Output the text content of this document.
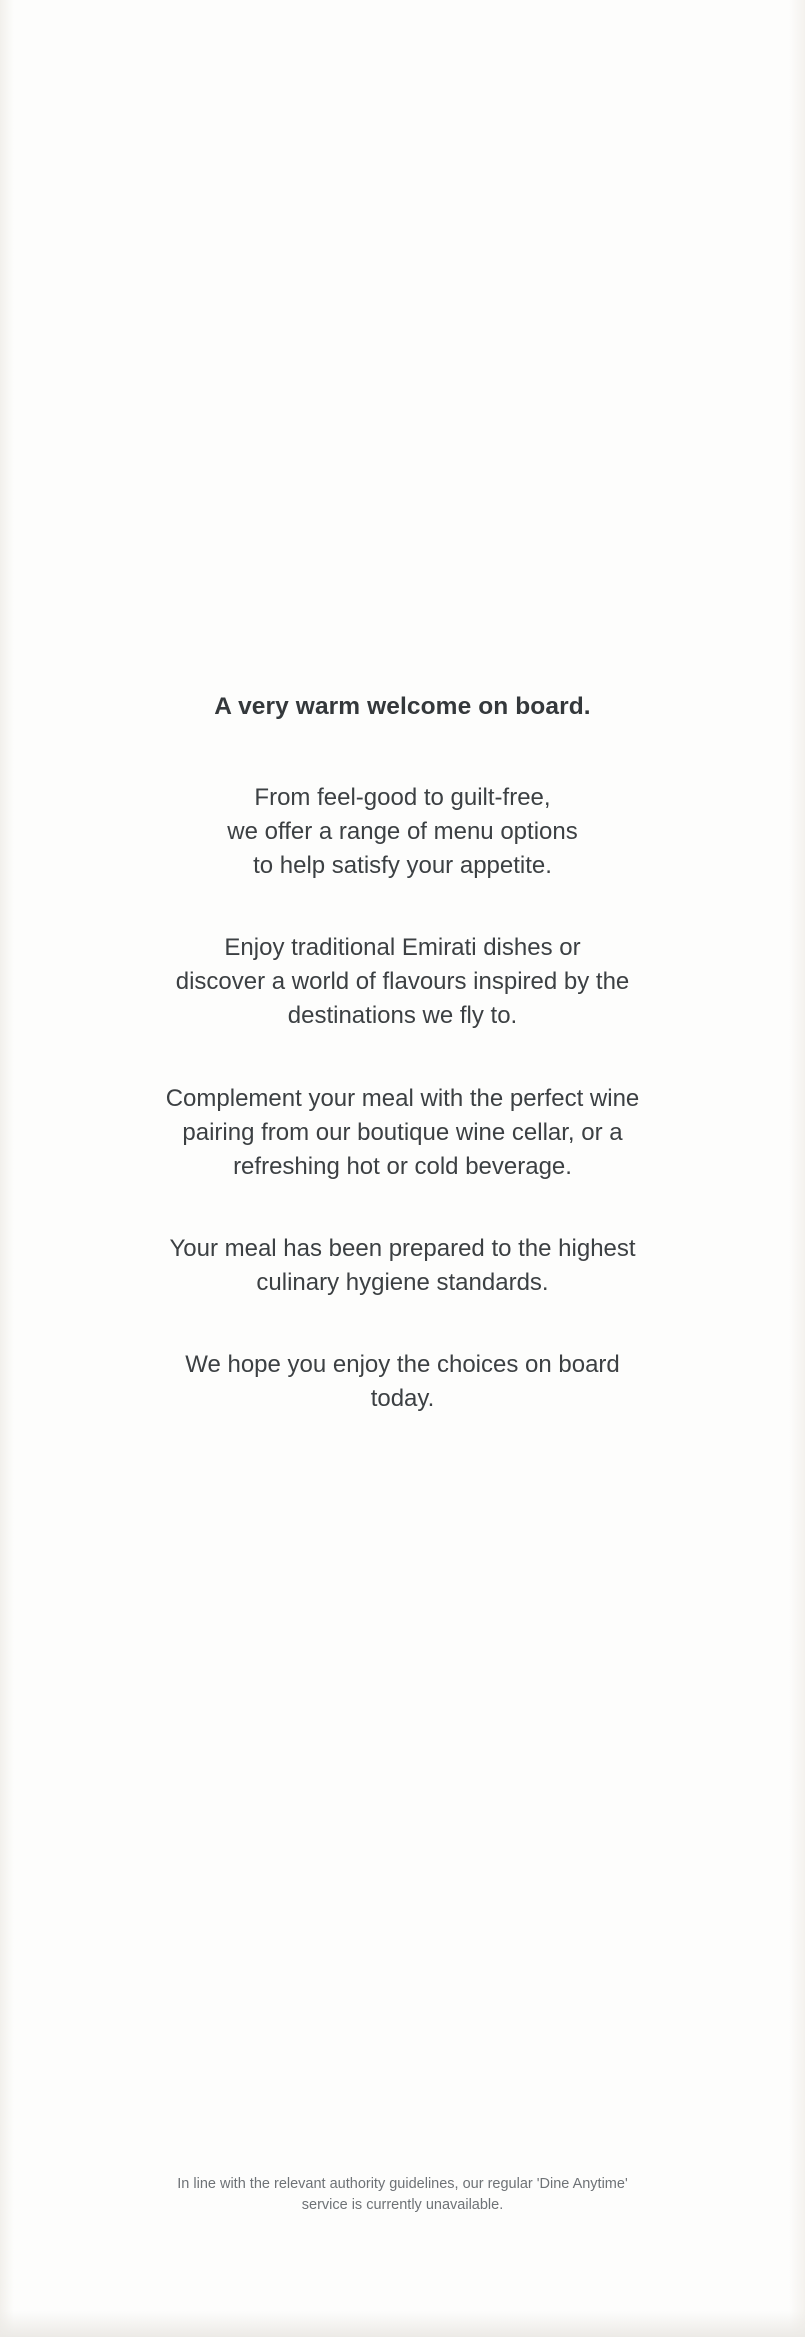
A very warm welcome on board.

From feel-good to guilt-free,
we offer a range of menu options
to help satisfy your appetite.

Enjoy traditional Emirati dishes or
discover a world of flavours inspired by the
destinations we fly to.

Complement your meal with the perfect wine
pairing from our boutique wine cellar, or a
refreshing hot or cold beverage.

Your meal has been prepared to the highest
culinary hygiene standards.

We hope you enjoy the choices on board
today.

In line with the relevant authority guidelines, our regular 'Dine Anytime'
service is currently unavailable.
